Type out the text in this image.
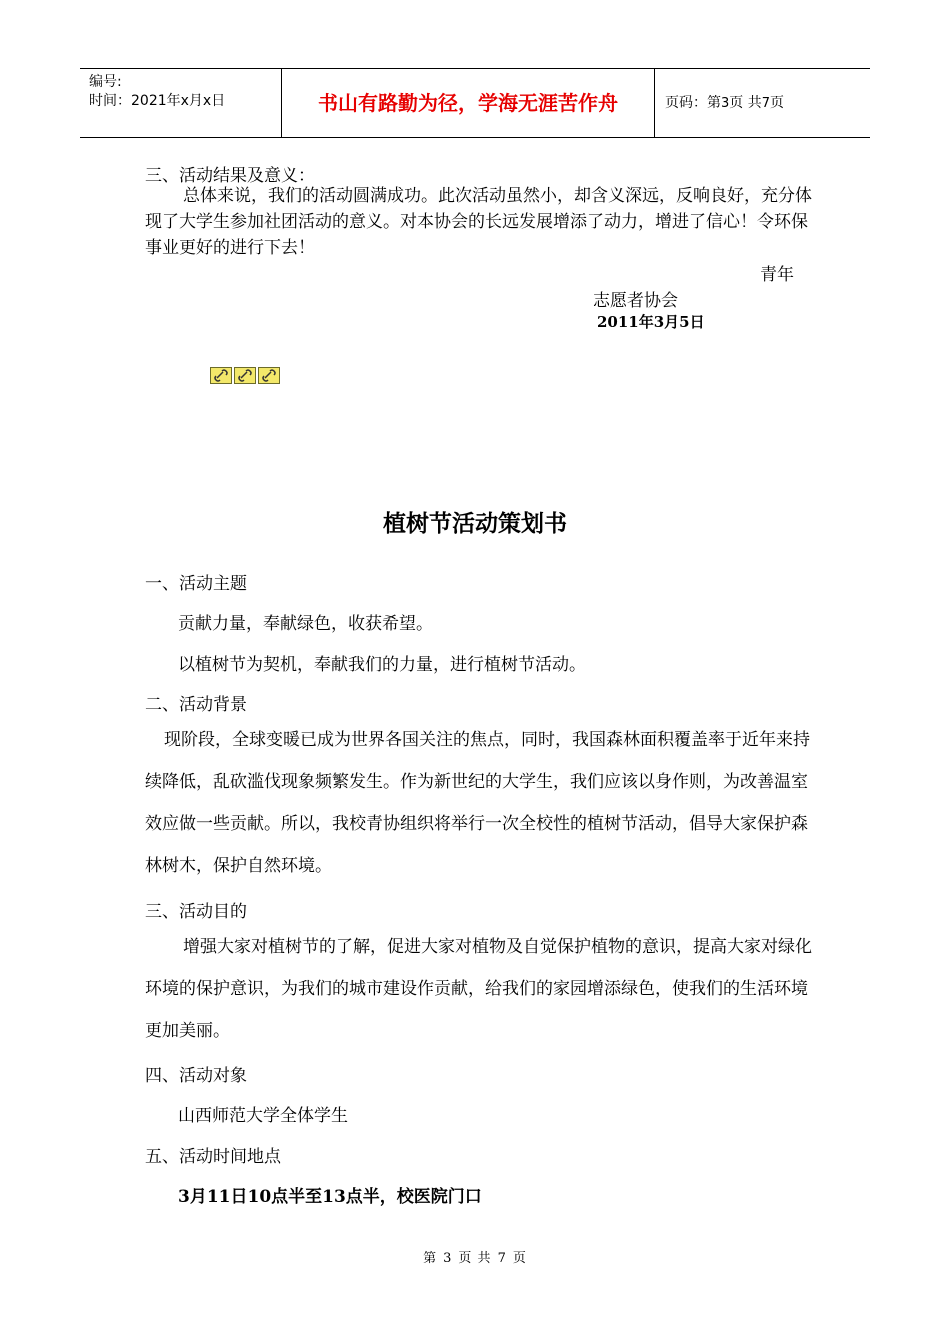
编号:
时间：2021年x月x日	书山有路勤为径，学海无涯苦作舟	页码：第3页 共7页
三、活动结果及意义：
总体来说，我们的活动圆满成功。此次活动虽然小，却含义深远，反响良好，充分体现了大学生参加社团活动的意义。对本协会的长远发展增添了动力，增进了信心！令环保事业更好的进行下去！
青年
志愿者协会
2011年3月5日
植树节活动策划书
一、活动主题
贡献力量，奉献绿色，收获希望。
以植树节为契机，奉献我们的力量，进行植树节活动。
二、活动背景
现阶段，全球变暖已成为世界各国关注的焦点，同时，我国森林面积覆盖率于近年来持续降低，乱砍滥伐现象频繁发生。作为新世纪的大学生，我们应该以身作则，为改善温室效应做一些贡献。所以，我校青协组织将举行一次全校性的植树节活动，倡导大家保护森林树木，保护自然环境。
三、活动目的
增强大家对植树节的了解，促进大家对植物及自觉保护植物的意识，提高大家对绿化环境的保护意识，为我们的城市建设作贡献，给我们的家园增添绿色，使我们的生活环境更加美丽。
四、活动对象
山西师范大学全体学生
五、活动时间地点
3月11日10点半至13点半，校医院门口
第 3 页 共 7 页
